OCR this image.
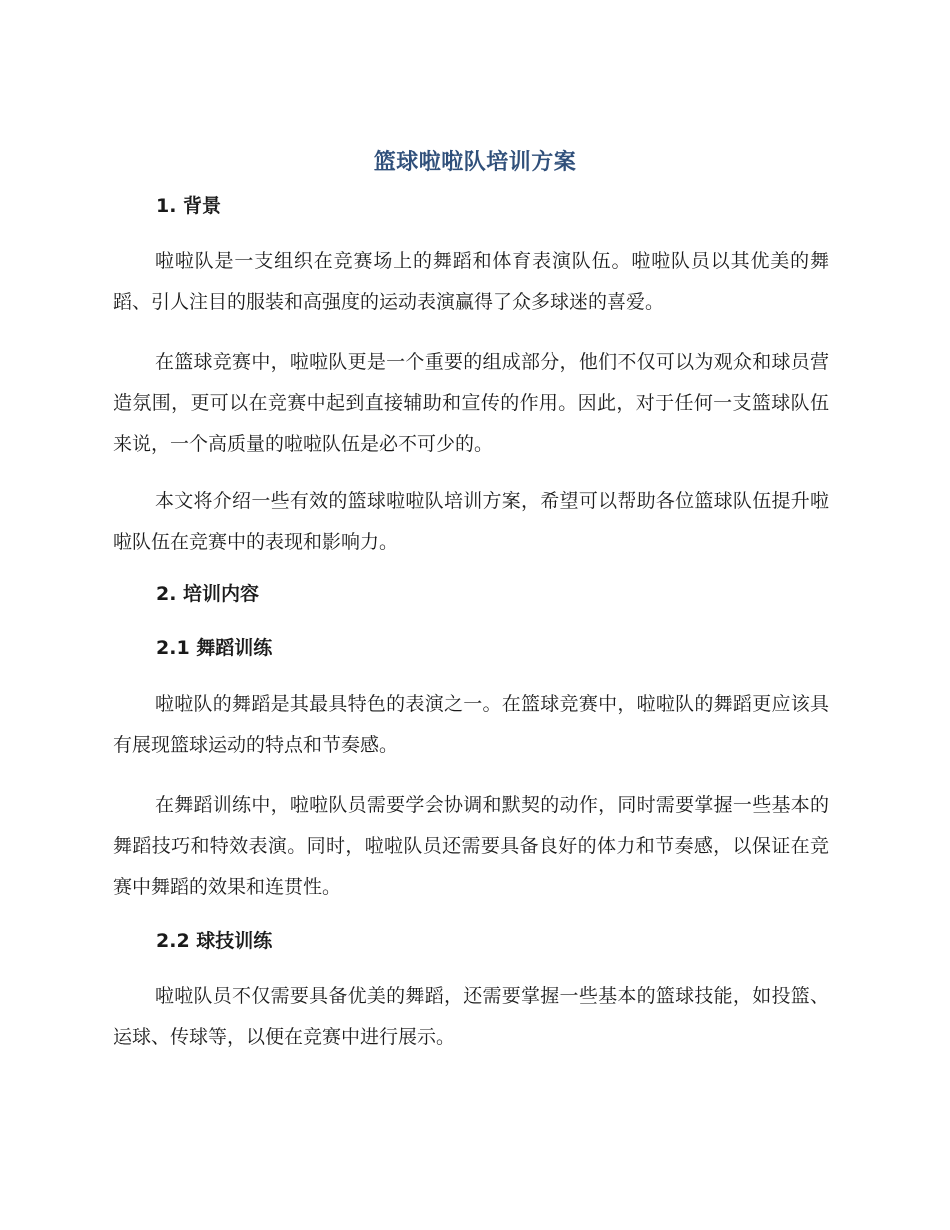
篮球啦啦队培训方案
1. 背景
啦啦队是一支组织在竞赛场上的舞蹈和体育表演队伍。啦啦队员以其优美的舞蹈、引人注目的服装和高强度的运动表演赢得了众多球迷的喜爱。
在篮球竞赛中，啦啦队更是一个重要的组成部分，他们不仅可以为观众和球员营造氛围，更可以在竞赛中起到直接辅助和宣传的作用。因此，对于任何一支篮球队伍来说，一个高质量的啦啦队伍是必不可少的。
本文将介绍一些有效的篮球啦啦队培训方案，希望可以帮助各位篮球队伍提升啦啦队伍在竞赛中的表现和影响力。
2. 培训内容
2.1 舞蹈训练
啦啦队的舞蹈是其最具特色的表演之一。在篮球竞赛中，啦啦队的舞蹈更应该具有展现篮球运动的特点和节奏感。
在舞蹈训练中，啦啦队员需要学会协调和默契的动作，同时需要掌握一些基本的舞蹈技巧和特效表演。同时，啦啦队员还需要具备良好的体力和节奏感，以保证在竞赛中舞蹈的效果和连贯性。
2.2 球技训练
啦啦队员不仅需要具备优美的舞蹈，还需要掌握一些基本的篮球技能，如投篮、运球、传球等，以便在竞赛中进行展示。
